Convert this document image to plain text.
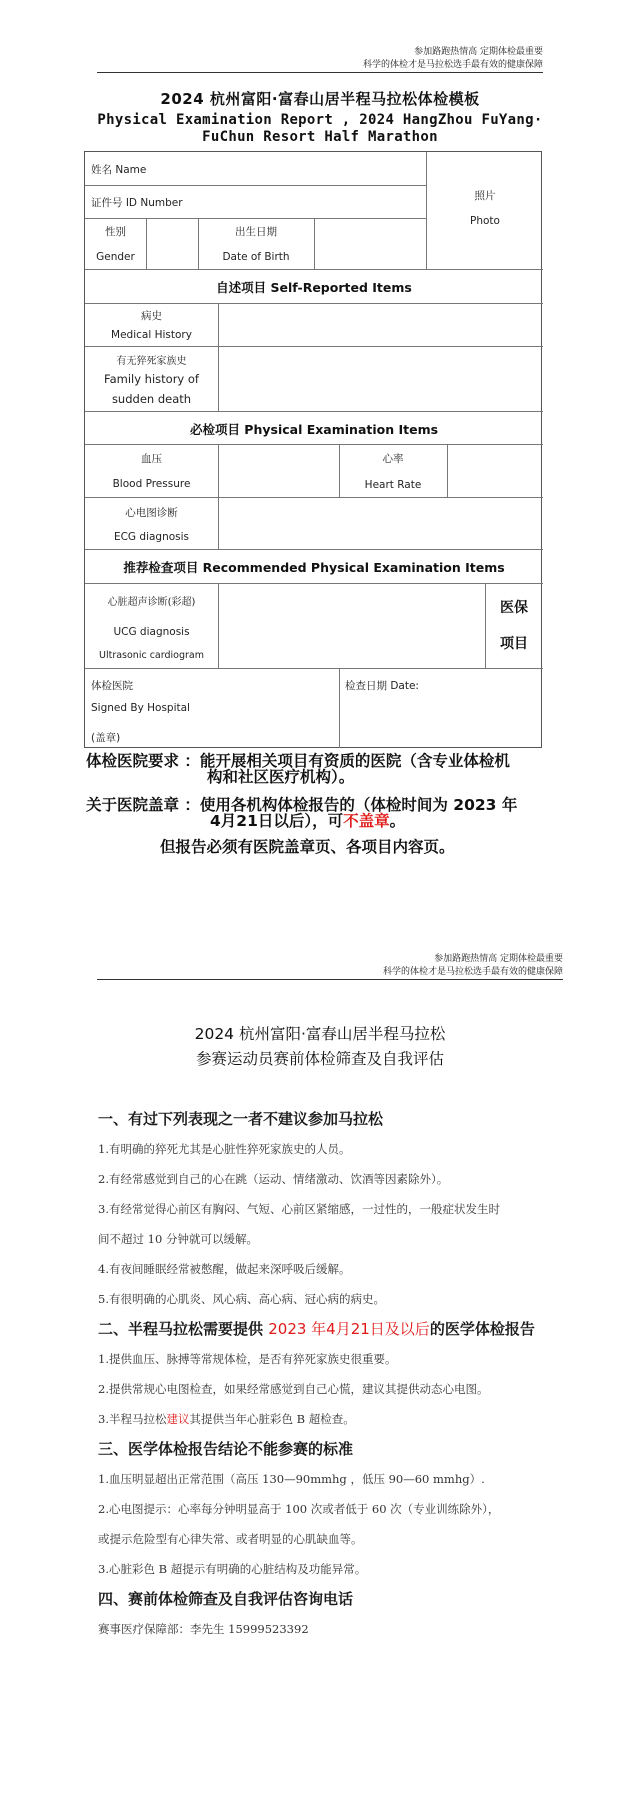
参加路跑热情高 定期体检最重要
科学的体检才是马拉松选手最有效的健康保障
2024 杭州富阳·富春山居半程马拉松体检模板
Physical Examination Report , 2024 HangZhou FuYang·
FuChun Resort Half Marathon
姓名 Name
证件号 ID Number
照片
Photo
性别
Gender
出生日期
Date of Birth
自述项目 Self-Reported Items
病史
Medical History
有无猝死家族史
Family history of
sudden death
必检项目 Physical Examination Items
血压
Blood Pressure
心率
Heart Rate
心电图诊断
ECG diagnosis
推荐检查项目 Recommended Physical Examination Items
心脏超声诊断(彩超)
UCG diagnosis
Ultrasonic cardiogram
医保
项目
体检医院
Signed By Hospital
(盖章)
检查日期 Date:
体检医院要求 ：能开展相关项目有资质的医院（含专业体检机
构和社区医疗机构）。
关于医院盖章 ：使用各机构体检报告的（体检时间为 2023 年
4月21日以后），可不盖章。
但报告必须有医院盖章页、各项目内容页。
参加路跑热情高 定期体检最重要
科学的体检才是马拉松选手最有效的健康保障
2024 杭州富阳·富春山居半程马拉松
参赛运动员赛前体检筛查及自我评估
一、有过下列表现之一者不建议参加马拉松
1.有明确的猝死尤其是心脏性猝死家族史的人员。
2.有经常感觉到自己的心在跳（运动、情绪激动、饮酒等因素除外）。
3.有经常觉得心前区有胸闷、气短、心前区紧缩感，一过性的，一般症状发生时
间不超过 10 分钟就可以缓解。
4.有夜间睡眠经常被憋醒，做起来深呼吸后缓解。
5.有很明确的心肌炎、风心病、高心病、冠心病的病史。
二、半程马拉松需要提供 2023 年4月21日及以后的医学体检报告
1.提供血压、脉搏等常规体检，是否有猝死家族史很重要。
2.提供常规心电图检查，如果经常感觉到自己心慌，建议其提供动态心电图。
3.半程马拉松建议其提供当年心脏彩色 B 超检查。
三、医学体检报告结论不能参赛的标准
1.血压明显超出正常范围（高压 130—90mmhg ，低压 90—60 mmhg）.
2.心电图提示：心率每分钟明显高于 100 次或者低于 60 次（专业训练除外），
或提示危险型有心律失常、或者明显的心肌缺血等。
3.心脏彩色 B 超提示有明确的心脏结构及功能异常。
四、赛前体检筛查及自我评估咨询电话
赛事医疗保障部：李先生 15999523392
